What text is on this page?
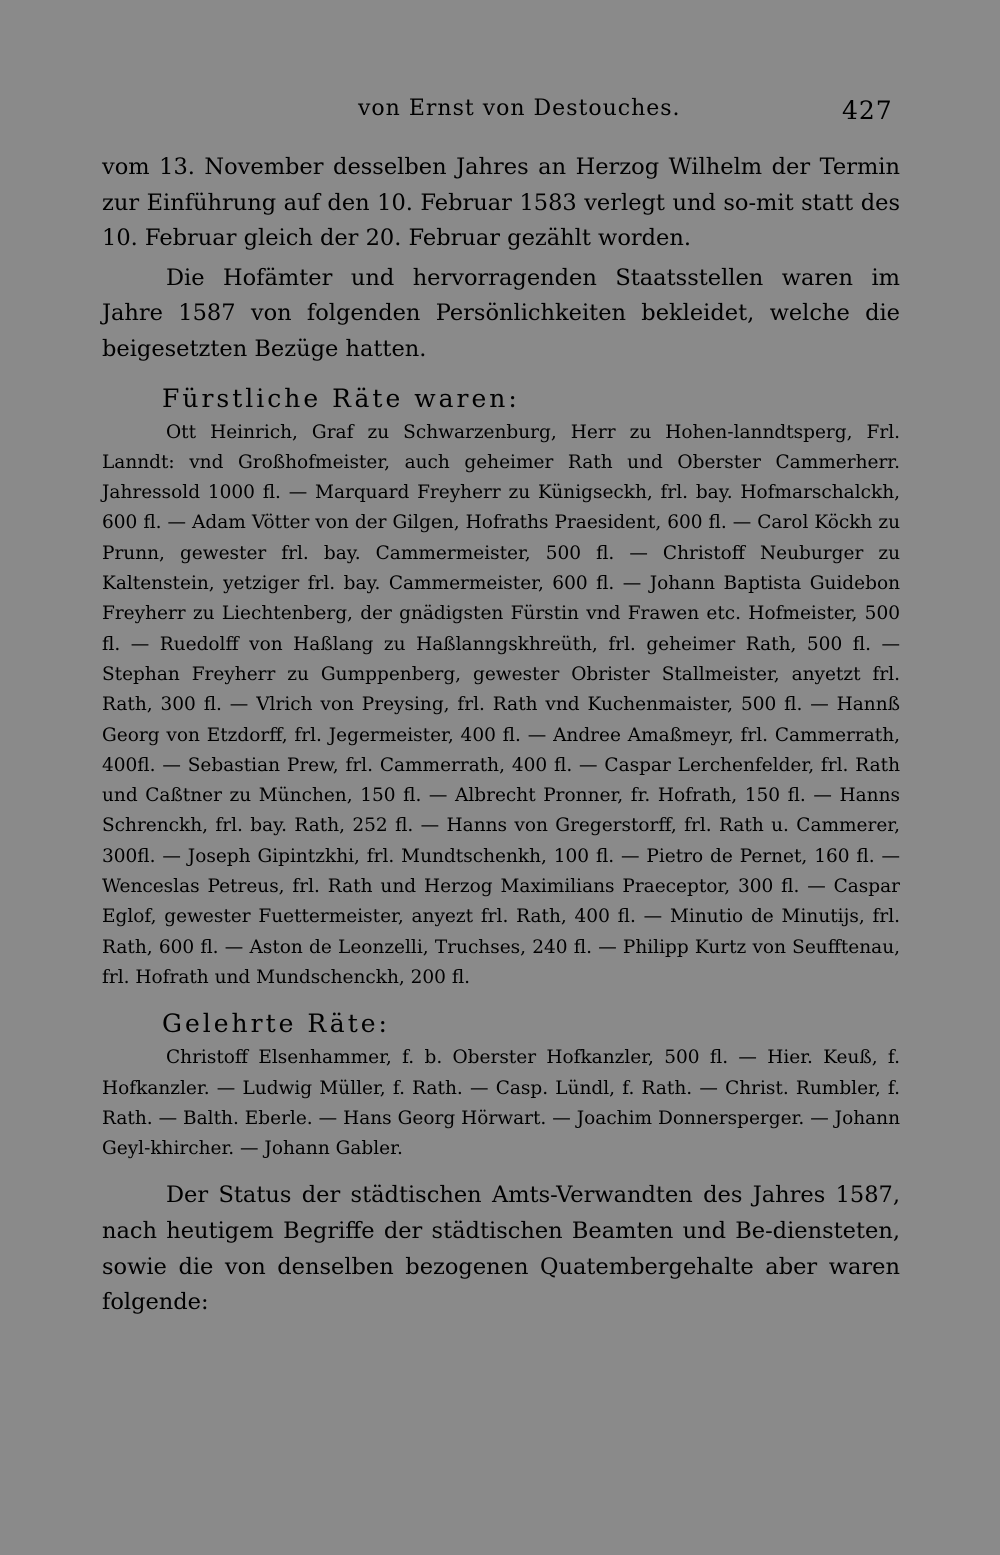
von Ernst von Destouches.	427

vom 13. November desselben Jahres an Herzog Wilhelm der Termin zur Einführung auf den 10. Februar 1583 verlegt und so-mit statt des 10. Februar gleich der 20. Februar gezählt worden.

Die Hofämter und hervorragenden Staatsstellen waren im Jahre 1587 von folgenden Persönlichkeiten bekleidet, welche die beigesetzten Bezüge hatten.

Fürstliche Räte waren:

Ott Heinrich, Graf zu Schwarzenburg, Herr zu Hohen-lanndtsperg, Frl. Lanndt: vnd Großhofmeister, auch geheimer Rath und Oberster Cammerherr. Jahressold 1000 fl. — Marquard Freyherr zu Künigseckh, frl. bay. Hofmarschalckh, 600 fl. — Adam Vötter von der Gilgen, Hofraths Praesident, 600 fl. — Carol Köckh zu Prunn, gewester frl. bay. Cammermeister, 500 fl. — Christoff Neuburger zu Kaltenstein, yetziger frl. bay. Cammermeister, 600 fl. — Johann Baptista Guidebon Freyherr zu Liechtenberg, der gnädigsten Fürstin vnd Frawen etc. Hofmeister, 500 fl. — Ruedolff von Haßlang zu Haßlanngskhreüth, frl. geheimer Rath, 500 fl. — Stephan Freyherr zu Gumppenberg, gewester Obrister Stallmeister, anyetzt frl. Rath, 300 fl. — Vlrich von Preysing, frl. Rath vnd Kuchenmaister, 500 fl. — Hannß Georg von Etzdorff, frl. Jegermeister, 400 fl. — Andree Amaßmeyr, frl. Cammerrath, 400fl. — Sebastian Prew, frl. Cammerrath, 400 fl. — Caspar Lerchenfelder, frl. Rath und Caßtner zu München, 150 fl. — Albrecht Pronner, fr. Hofrath, 150 fl. — Hanns Schrenckh, frl. bay. Rath, 252 fl. — Hanns von Gregerstorff, frl. Rath u. Cammerer, 300fl. — Joseph Gipintzkhi, frl. Mundtschenkh, 100 fl. — Pietro de Pernet, 160 fl. — Wenceslas Petreus, frl. Rath und Herzog Maximilians Praeceptor, 300 fl. — Caspar Eglof, gewester Fuettermeister, anyezt frl. Rath, 400 fl. — Minutio de Minutijs, frl. Rath, 600 fl. — Aston de Leonzelli, Truchses, 240 fl. — Philipp Kurtz von Seufftenau, frl. Hofrath und Mundschenckh, 200 fl.

Gelehrte Räte:

Christoff Elsenhammer, f. b. Oberster Hofkanzler, 500 fl. — Hier. Keuß, f. Hofkanzler. — Ludwig Müller, f. Rath. — Casp. Lündl, f. Rath. — Christ. Rumbler, f. Rath. — Balth. Eberle. — Hans Georg Hörwart. — Joachim Donnersperger. — Johann Geyl-khircher. — Johann Gabler.

Der Status der städtischen Amts-Verwandten des Jahres 1587, nach heutigem Begriffe der städtischen Beamten und Be-diensteten, sowie die von denselben bezogenen Quatembergehalte aber waren folgende:
